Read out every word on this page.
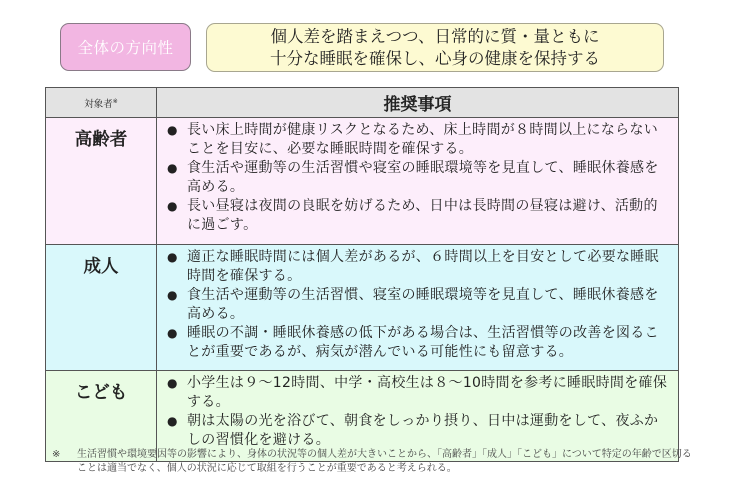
全体の方向性
個人差を踏まえつつ、日常的に質・量ともに
十分な睡眠を確保し、心身の健康を保持する
対象者※	推奨事項
高齢者	● 長い床上時間が健康リスクとなるため、床上時間が８時間以上にならないことを目安に、必要な睡眠時間を確保する。
● 食生活や運動等の生活習慣や寝室の睡眠環境等を見直して、睡眠休養感を高める。
● 長い昼寝は夜間の良眠を妨げるため、日中は長時間の昼寝は避け、活動的に過ごす。

成人	● 適正な睡眠時間には個人差があるが、６時間以上を目安として必要な睡眠時間を確保する。
● 食生活や運動等の生活習慣、寝室の睡眠環境等を見直して、睡眠休養感を高める。
● 睡眠の不調・睡眠休養感の低下がある場合は、生活習慣等の改善を図ることが重要であるが、病気が潜んでいる可能性にも留意する。

こども	● 小学生は９～12時間、中学・高校生は８～10時間を参考に睡眠時間を確保する。
● 朝は太陽の光を浴びて、朝食をしっかり摂り、日中は運動をして、夜ふかしの習慣化を避ける。
※	生活習慣や環境要因等の影響により、身体の状況等の個人差が大きいことから、「高齢者」「成人」「こども」について特定の年齢で区切ることは適当でなく、個人の状況に応じて取組を行うことが重要であると考えられる。
